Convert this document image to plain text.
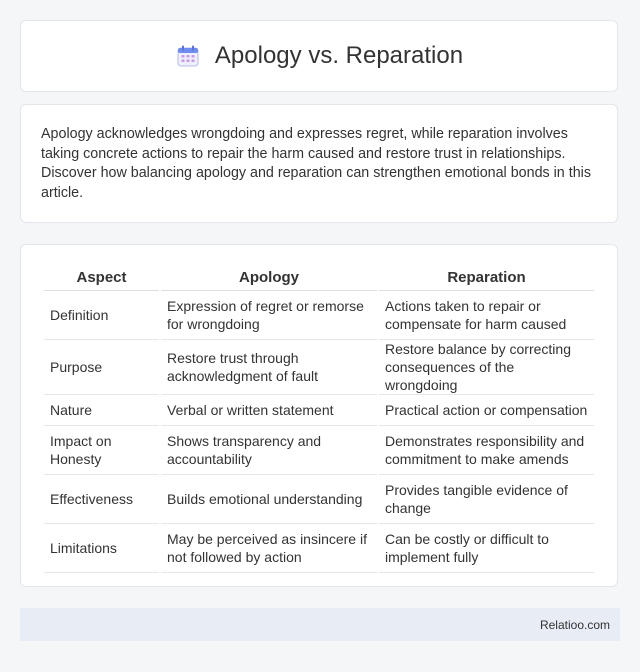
Apology vs. Reparation

Apology acknowledges wrongdoing and expresses regret, while reparation involves taking concrete actions to repair the harm caused and restore trust in relationships. Discover how balancing apology and reparation can strengthen emotional bonds in this article.

Aspect	Apology	Reparation
Definition	Expression of regret or remorse for wrongdoing	Actions taken to repair or compensate for harm caused
Purpose	Restore trust through acknowledgment of fault	Restore balance by correcting consequences of the wrongdoing
Nature	Verbal or written statement	Practical action or compensation
Impact on Honesty	Shows transparency and accountability	Demonstrates responsibility and commitment to make amends
Effectiveness	Builds emotional understanding	Provides tangible evidence of change
Limitations	May be perceived as insincere if not followed by action	Can be costly or difficult to implement fully
Relatioo.com
